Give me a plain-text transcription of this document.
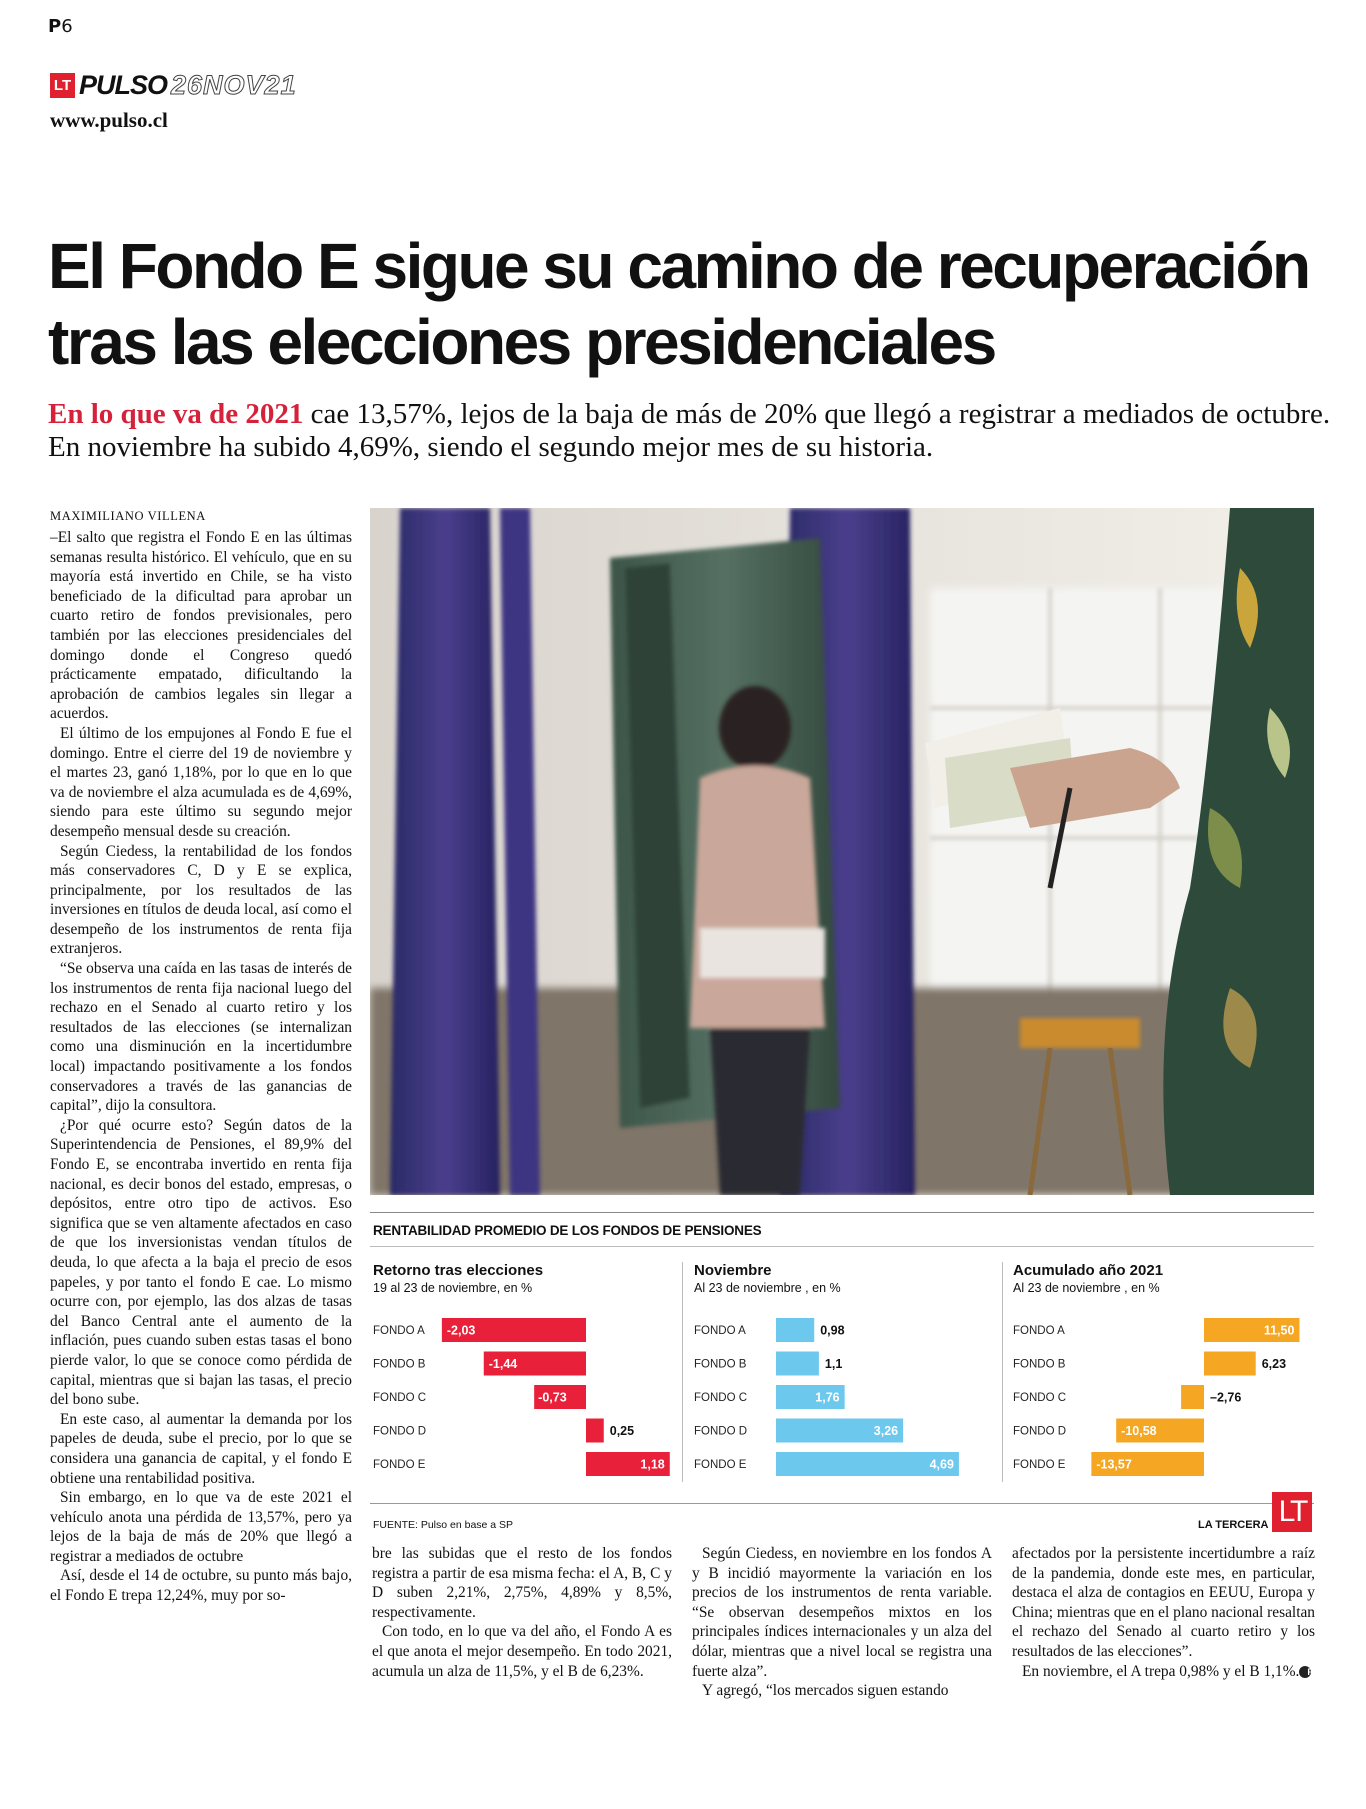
P6
LT PULSO 26NOV21
www.pulso.cl
El Fondo E sigue su camino de recuperación tras las elecciones presidenciales

En lo que va de 2021 cae 13,57%, lejos de la baja de más de 20% que llegó a registrar a mediados de octubre. En noviembre ha subido 4,69%, siendo el segundo mejor mes de su historia.

MAXIMILIANO VILLENA

–El salto que registra el Fondo E en las últimas semanas resulta histórico. El vehículo, que en su mayoría está invertido en Chile, se ha visto beneficiado de la dificultad para aprobar un cuarto retiro de fondos previsionales, pero también por las elecciones presidenciales del domingo donde el Congreso quedó prácticamente empatado, dificultando la aprobación de cambios legales sin llegar a acuerdos.

El último de los empujones al Fondo E fue el domingo. Entre el cierre del 19 de noviembre y el martes 23, ganó 1,18%, por lo que en lo que va de noviembre el alza acumulada es de 4,69%, siendo para este último su segundo mejor desempeño mensual desde su creación.

Según Ciedess, la rentabilidad de los fondos más conservadores C, D y E se explica, principalmente, por los resultados de las inversiones en títulos de deuda local, así como el desempeño de los instrumentos de renta fija extranjeros.

“Se observa una caída en las tasas de interés de los instrumentos de renta fija nacional luego del rechazo en el Senado al cuarto retiro y los resultados de las elecciones (se internalizan como una disminución en la incertidumbre local) impactando positivamente a los fondos conservadores a través de las ganancias de capital”, dijo la consultora.

¿Por qué ocurre esto? Según datos de la Superintendencia de Pensiones, el 89,9% del Fondo E, se encontraba invertido en renta fija nacional, es decir bonos del estado, empresas, o depósitos, entre otro tipo de activos. Eso significa que se ven altamente afectados en caso de que los inversionistas vendan títulos de deuda, lo que afecta a la baja el precio de esos papeles, y por tanto el fondo E cae. Lo mismo ocurre con, por ejemplo, las dos alzas de tasas del Banco Central ante el aumento de la inflación, pues cuando suben estas tasas el bono pierde valor, lo que se conoce como pérdida de capital, mientras que si bajan las tasas, el precio del bono sube.

En este caso, al aumentar la demanda por los papeles de deuda, sube el precio, por lo que se considera una ganancia de capital, y el fondo E obtiene una rentabilidad positiva.

Sin embargo, en lo que va de este 2021 el vehículo anota una pérdida de 13,57%, pero ya lejos de la baja de más de 20% que llegó a registrar a mediados de octubre

Así, desde el 14 de octubre, su punto más bajo, el Fondo E trepa 12,24%, muy por so-

RENTABILIDAD PROMEDIO DE LOS FONDOS DE PENSIONES
Retorno tras elecciones
19 al 23 de noviembre, en %
Noviembre
Al 23 de noviembre , en %
Acumulado año 2021
Al 23 de noviembre , en %
FONDO A -2,03
FONDO B	-1,44
FONDO C	-0,73
FONDO D	0,25
FONDO E	1,18
FONDO A	0,98
FONDO B	1,1
FONDO C	1,76
FONDO D	3,26
FONDO E	4,69
FONDO A	11,50
FONDO B	6,23
FONDO C	–2,76
FONDO D	-10,58
FONDO E -13,57
FUENTE: Pulso en base a SP	LA TERCERA LT

bre las subidas que el resto de los fondos registra a partir de esa misma fecha: el A, B, C y D suben 2,21%, 2,75%, 4,89% y 8,5%, respectivamente.

Con todo, en lo que va del año, el Fondo A es el que anota el mejor desempeño. En todo 2021, acumula un alza de 11,5%, y el B de 6,23%.

Según Ciedess, en noviembre en los fondos A y B incidió mayormente la variación en los precios de los instrumentos de renta variable. “Se observan desempeños mixtos en los principales índices internacionales y un alza del dólar, mientras que a nivel local se registra una fuerte alza”.

Y agregó, “los mercados siguen estando

afectados por la persistente incertidumbre a raíz de la pandemia, donde este mes, en particular, destaca el alza de contagios en EEUU, Europa y China; mientras que en el plano nacional resaltan el rechazo del Senado al cuarto retiro y los resultados de las elecciones”.

En noviembre, el A trepa 0,98% y el B 1,1%. P
